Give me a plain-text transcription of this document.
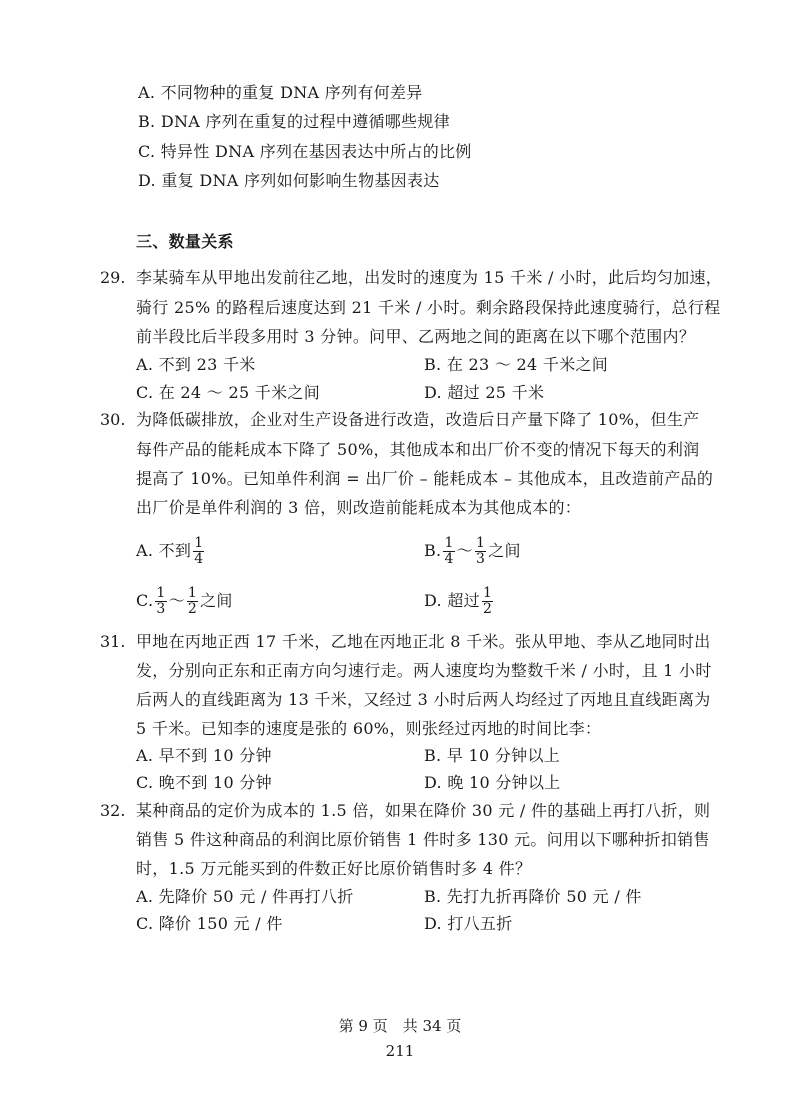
A. 不同物种的重复 DNA 序列有何差异
B. DNA 序列在重复的过程中遵循哪些规律
C. 特异性 DNA 序列在基因表达中所占的比例
D. 重复 DNA 序列如何影响生物基因表达
三、数量关系
29. 李某骑车从甲地出发前往乙地，出发时的速度为 15 千米 / 小时，此后均匀加速，
骑行 25% 的路程后速度达到 21 千米 / 小时。剩余路段保持此速度骑行，总行程
前半段比后半段多用时 3 分钟。问甲、乙两地之间的距离在以下哪个范围内？
A. 不到 23 千米	B. 在 23 ～ 24 千米之间
C. 在 24 ～ 25 千米之间	D. 超过 25 千米
30. 为降低碳排放，企业对生产设备进行改造，改造后日产量下降了 10%，但生产
每件产品的能耗成本下降了 50%，其他成本和出厂价不变的情况下每天的利润
提高了 10%。已知单件利润 = 出厂价 – 能耗成本 – 其他成本，且改造前产品的
出厂价是单件利润的 3 倍，则改造前能耗成本为其他成本的：
A. 不到 $\frac{1}{4}$	B. $\frac{1}{4}$ ～ $\frac{1}{3}$ 之间
C. $\frac{1}{3}$ ～ $\frac{1}{2}$ 之间	D. 超过 $\frac{1}{2}$
31. 甲地在丙地正西 17 千米，乙地在丙地正北 8 千米。张从甲地、李从乙地同时出
发，分别向正东和正南方向匀速行走。两人速度均为整数千米 / 小时，且 1 小时
后两人的直线距离为 13 千米，又经过 3 小时后两人均经过了丙地且直线距离为
5 千米。已知李的速度是张的 60%，则张经过丙地的时间比李：
A. 早不到 10 分钟	B. 早 10 分钟以上
C. 晚不到 10 分钟	D. 晚 10 分钟以上
32. 某种商品的定价为成本的 1.5 倍，如果在降价 30 元 / 件的基础上再打八折，则
销售 5 件这种商品的利润比原价销售 1 件时多 130 元。问用以下哪种折扣销售
时，1.5 万元能买到的件数正好比原价销售时多 4 件？
A. 先降价 50 元 / 件再打八折	B. 先打九折再降价 50 元 / 件
C. 降价 150 元 / 件	D. 打八五折
第 9 页　共 34 页
211
